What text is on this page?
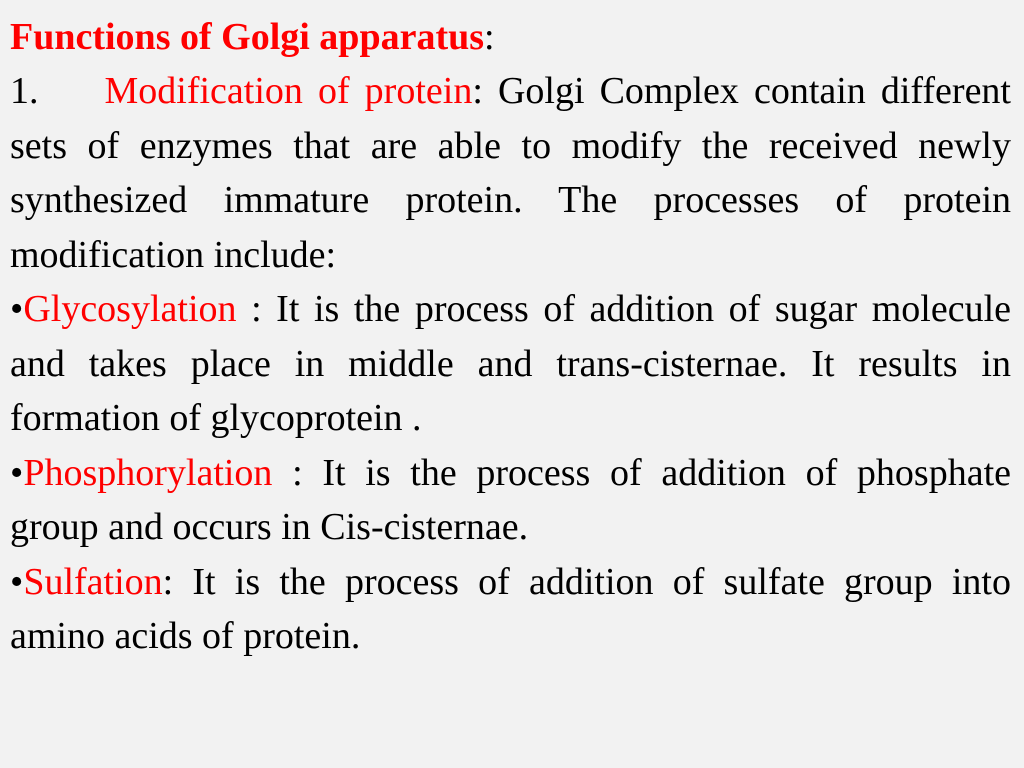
Functions of Golgi apparatus:

1. Modification of protein: Golgi Complex contain different sets of enzymes that are able to modify the received newly synthesized immature protein. The processes of protein modification include:

•Glycosylation : It is the process of addition of sugar molecule and takes place in middle and trans-cisternae. It results in formation of glycoprotein .

•Phosphorylation : It is the process of addition of phosphate group and occurs in Cis-cisternae.

•Sulfation: It is the process of addition of sulfate group into amino acids of protein.
